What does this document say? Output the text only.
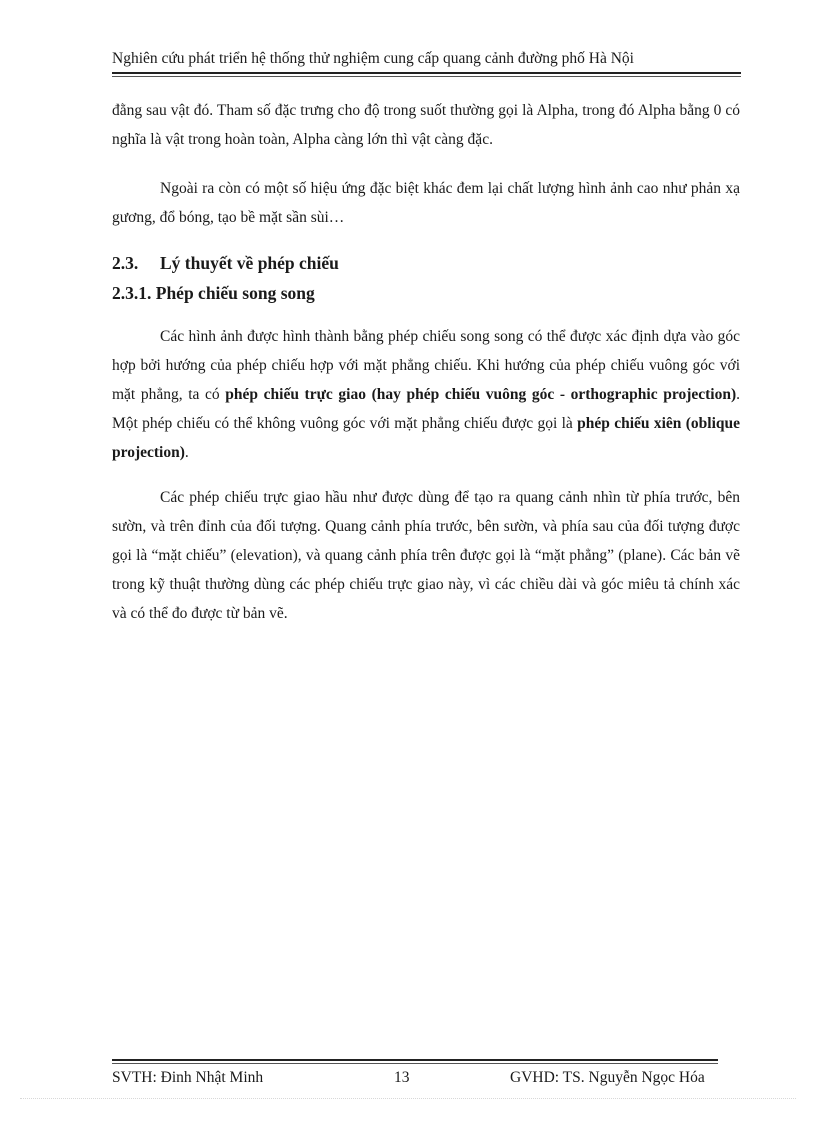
Nghiên cứu phát triển hệ thống thử nghiệm cung cấp quang cảnh đường phố Hà Nội

đằng sau vật đó. Tham số đặc trưng cho độ trong suốt thường gọi là Alpha, trong đó Alpha bằng 0 có nghĩa là vật trong hoàn toàn, Alpha càng lớn thì vật càng đặc.

Ngoài ra còn có một số hiệu ứng đặc biệt khác đem lại chất lượng hình ảnh cao như phản xạ gương, đổ bóng, tạo bề mặt sần sùi…

2.3. Lý thuyết về phép chiếu
2.3.1. Phép chiếu song song

Các hình ảnh được hình thành bằng phép chiếu song song có thể được xác định dựa vào góc hợp bởi hướng của phép chiếu hợp với mặt phẳng chiếu. Khi hướng của phép chiếu vuông góc với mặt phẳng, ta có phép chiếu trực giao (hay phép chiếu vuông góc - orthographic projection). Một phép chiếu có thể không vuông góc với mặt phẳng chiếu được gọi là phép chiếu xiên (oblique projection).

Các phép chiếu trực giao hầu như được dùng để tạo ra quang cảnh nhìn từ phía trước, bên sườn, và trên đỉnh của đối tượng. Quang cảnh phía trước, bên sườn, và phía sau của đối tượng được gọi là “mặt chiếu” (elevation), và quang cảnh phía trên được gọi là “mặt phẳng” (plane). Các bản vẽ trong kỹ thuật thường dùng các phép chiếu trực giao này, vì các chiều dài và góc miêu tả chính xác và có thể đo được từ bản vẽ.

SVTH: Đinh Nhật Minh	13	GVHD: TS. Nguyễn Ngọc Hóa
